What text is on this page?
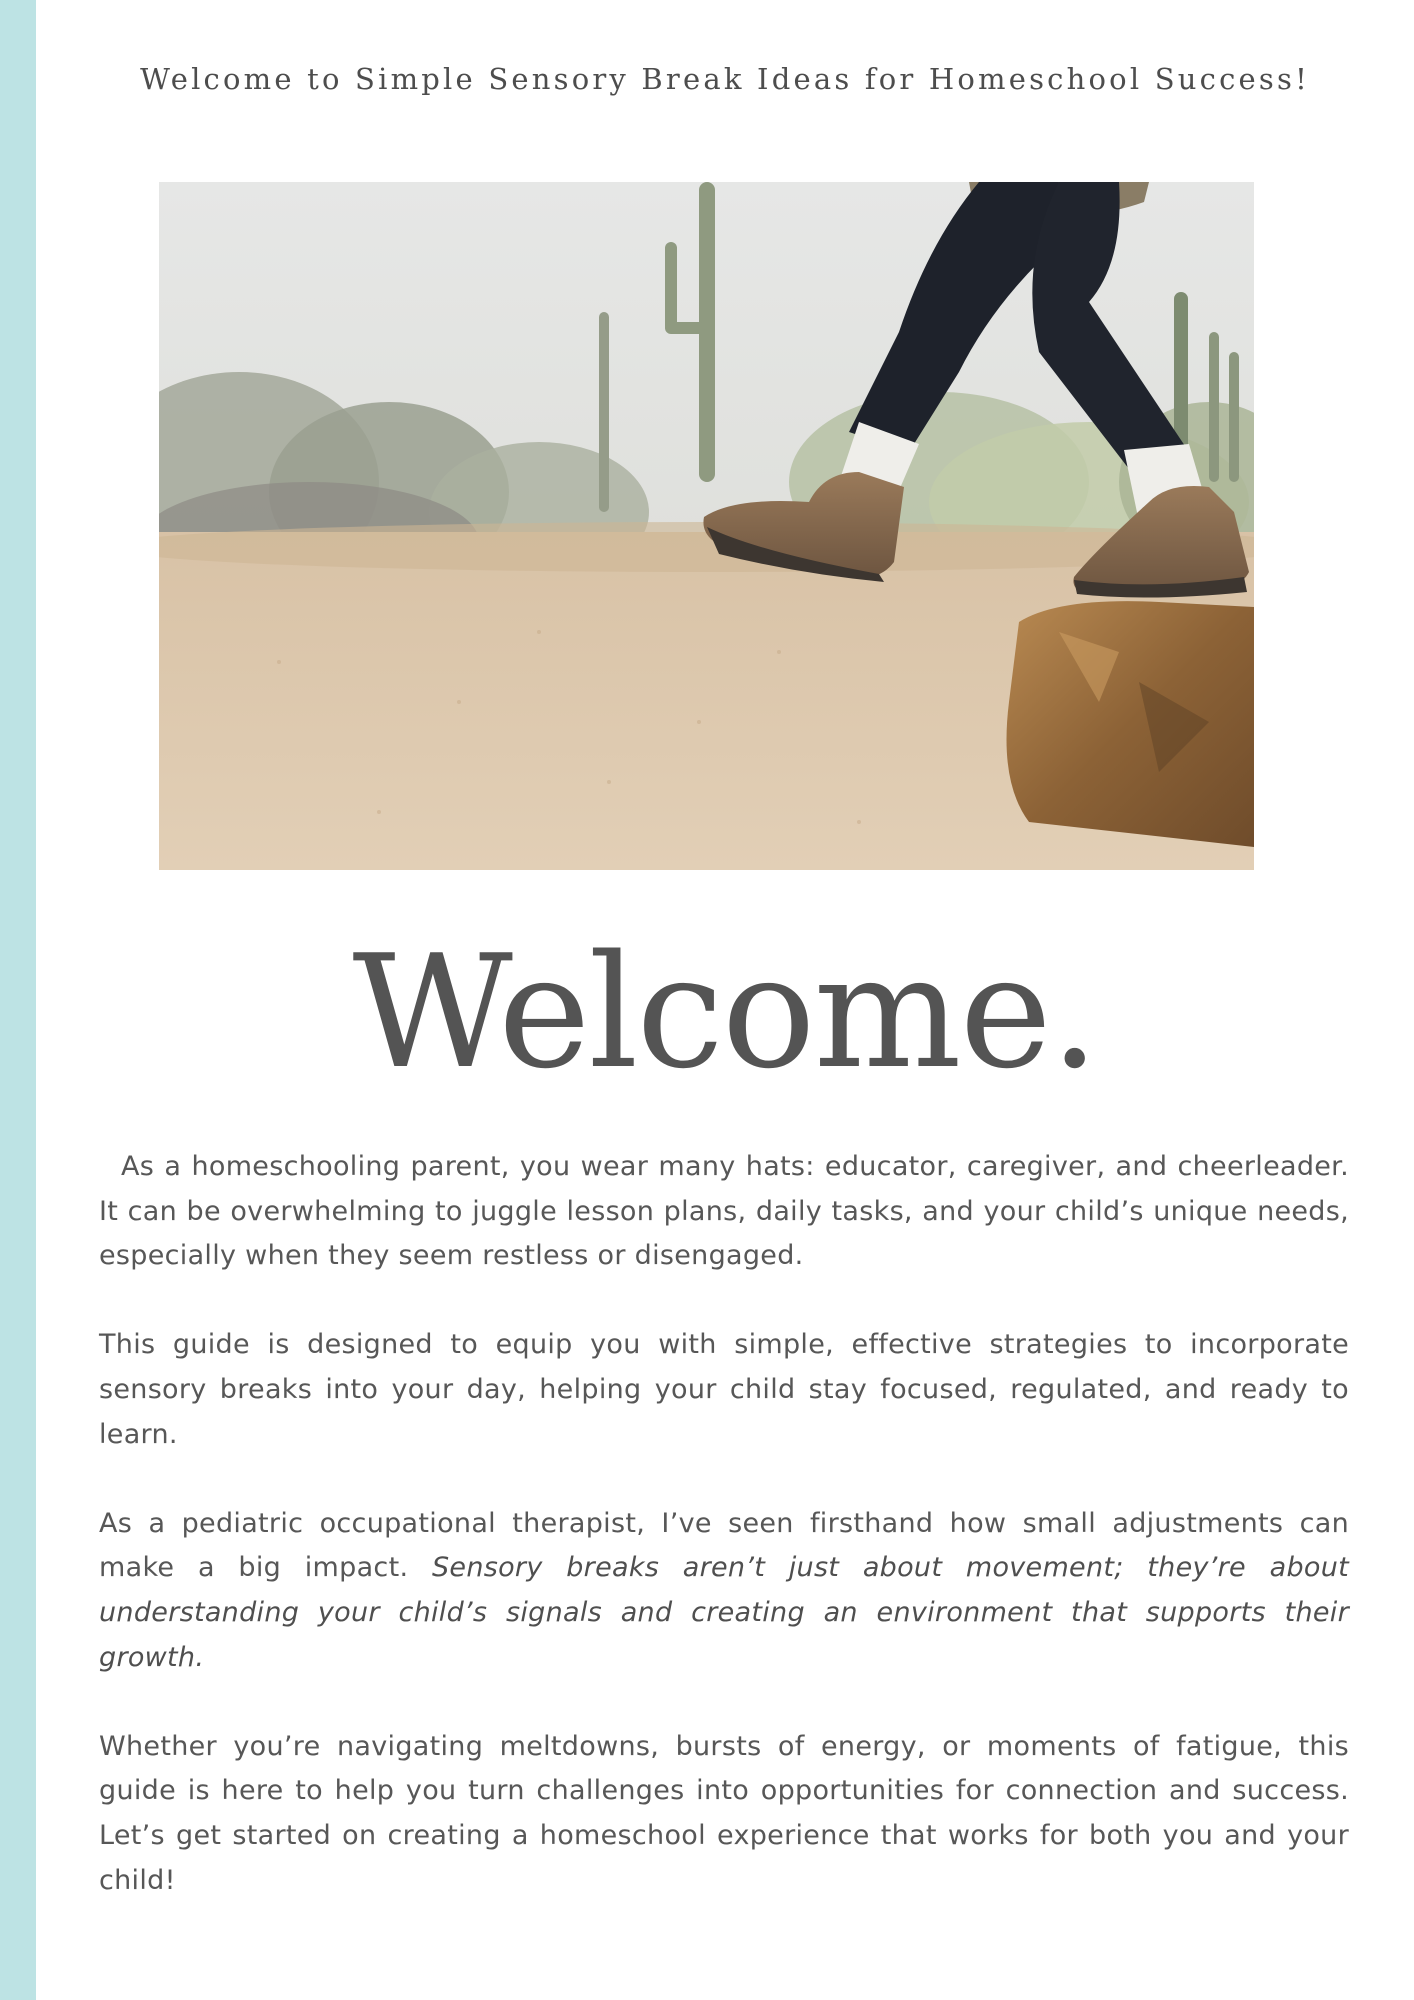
Welcome to Simple Sensory Break Ideas for Homeschool Success!
Welcome.

As a homeschooling parent, you wear many hats: educator, caregiver, and cheerleader. It can be overwhelming to juggle lesson plans, daily tasks, and your child’s unique needs, especially when they seem restless or disengaged.

This guide is designed to equip you with simple, effective strategies to incorporate sensory breaks into your day, helping your child stay focused, regulated, and ready to learn.

As a pediatric occupational therapist, I’ve seen firsthand how small adjustments can make a big impact. Sensory breaks aren’t just about movement; they’re about understanding your child’s signals and creating an environment that supports their growth.

Whether you’re navigating meltdowns, bursts of energy, or moments of fatigue, this guide is here to help you turn challenges into opportunities for connection and success. Let’s get started on creating a homeschool experience that works for both you and your child!
